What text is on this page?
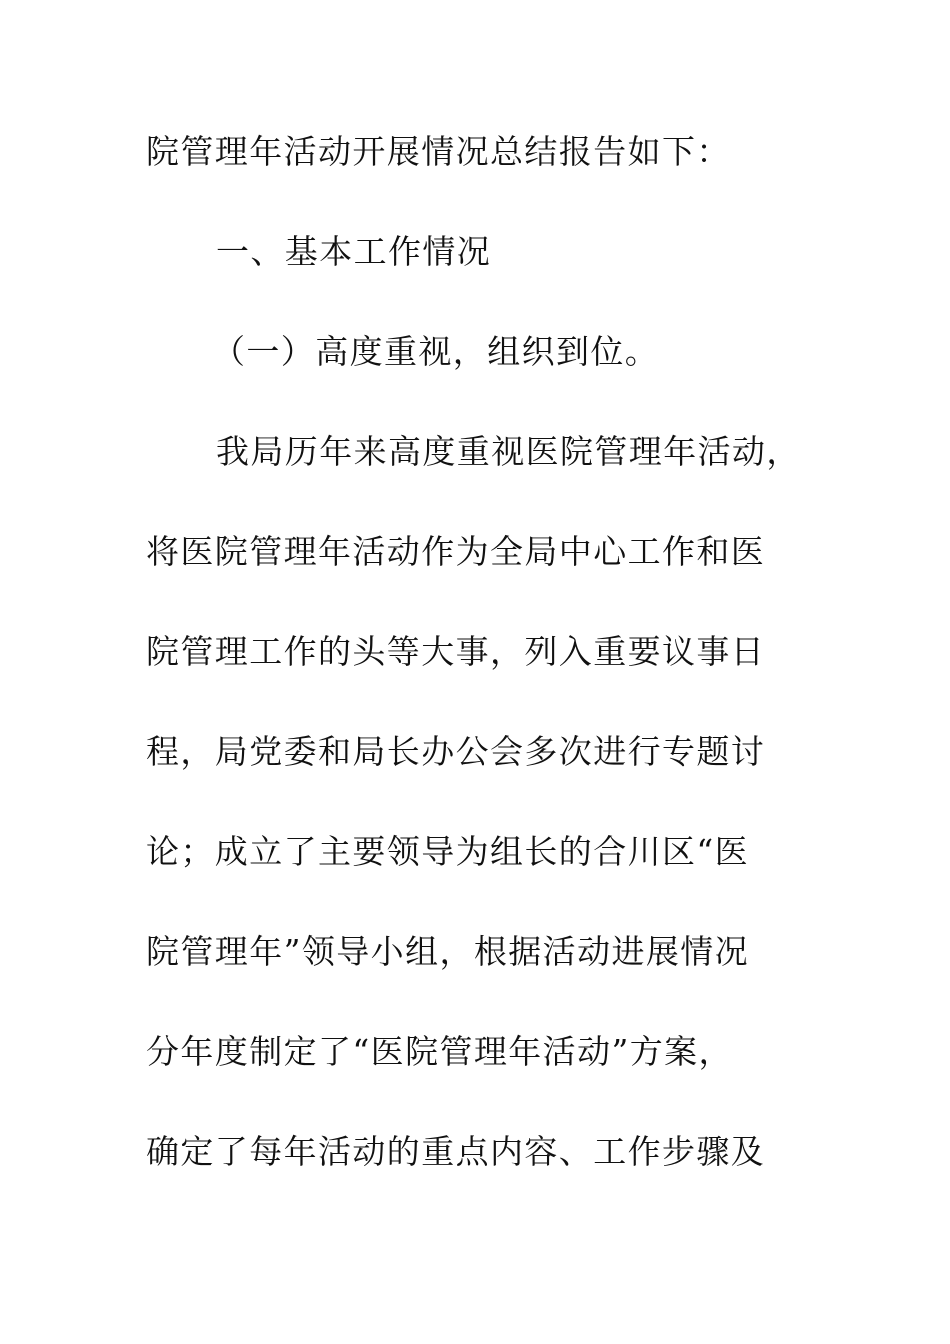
院管理年活动开展情况总结报告如下：
一、基本工作情况
（一）高度重视，组织到位。
我局历年来高度重视医院管理年活动，
将医院管理年活动作为全局中心工作和医
院管理工作的头等大事，列入重要议事日
程，局党委和局长办公会多次进行专题讨
论；成立了主要领导为组长的合川区“医
院管理年”领导小组，根据活动进展情况
分年度制定了“医院管理年活动”方案，
确定了每年活动的重点内容、工作步骤及
